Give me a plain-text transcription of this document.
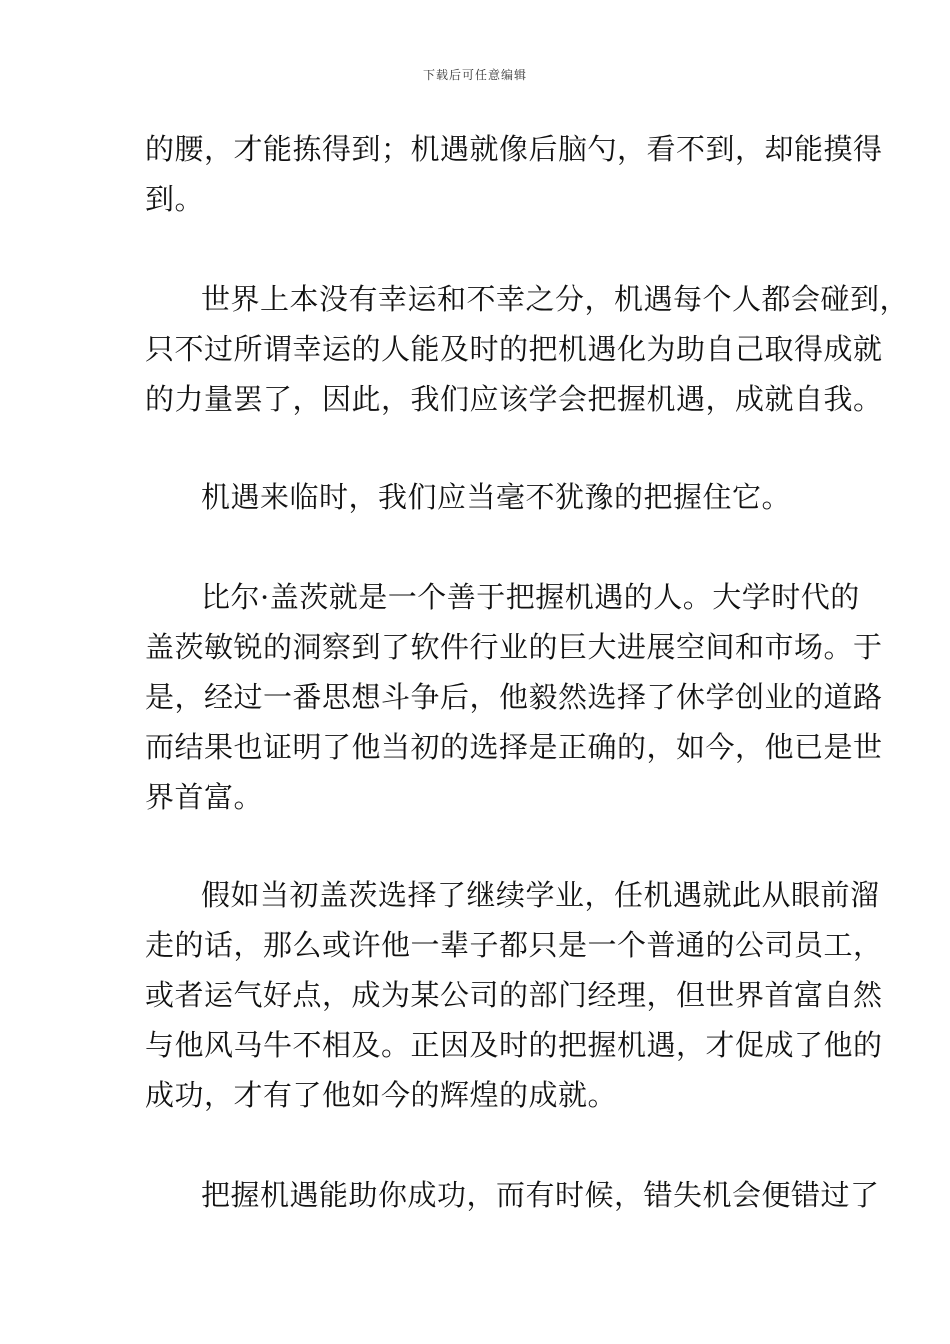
下载后可任意编辑
的腰，才能拣得到；机遇就像后脑勺，看不到，却能摸得
到。
世界上本没有幸运和不幸之分，机遇每个人都会碰到，
只不过所谓幸运的人能及时的把机遇化为助自己取得成就
的力量罢了，因此，我们应该学会把握机遇，成就自我。
机遇来临时，我们应当毫不犹豫的把握住它。
比尔·盖茨就是一个善于把握机遇的人。大学时代的
盖茨敏锐的洞察到了软件行业的巨大进展空间和市场。于
是，经过一番思想斗争后，他毅然选择了休学创业的道路
而结果也证明了他当初的选择是正确的，如今，他已是世
界首富。
假如当初盖茨选择了继续学业，任机遇就此从眼前溜
走的话，那么或许他一辈子都只是一个普通的公司员工，
或者运气好点，成为某公司的部门经理，但世界首富自然
与他风马牛不相及。正因及时的把握机遇，才促成了他的
成功，才有了他如今的辉煌的成就。
把握机遇能助你成功，而有时候，错失机会便错过了
